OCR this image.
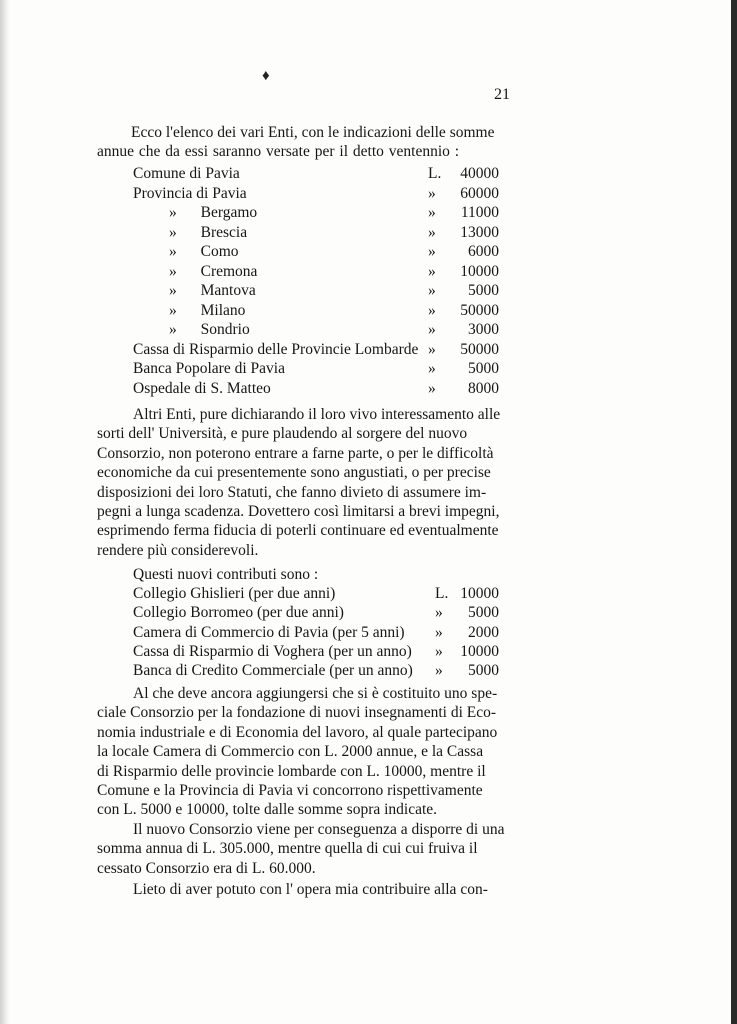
♦
21
Ecco l'elenco dei vari Enti, con le indicazioni delle somme
annue che da essi saranno versate per il detto ventennio :
Comune di Pavia	L. 40000
Provincia di Pavia	» 60000
» Bergamo	» 11000
» Brescia	» 13000
» Como	» 6000
» Cremona	» 10000
» Mantova	» 5000
» Milano	» 50000
» Sondrio	» 3000
Cassa di Risparmio delle Provincie Lombarde » 50000
Banca Popolare di Pavia	» 5000
Ospedale di S. Matteo	» 8000
Altri Enti, pure dichiarando il loro vivo interessamento alle
sorti dell' Università, e pure plaudendo al sorgere del nuovo
Consorzio, non poterono entrare a farne parte, o per le difficoltà
economiche da cui presentemente sono angustiati, o per precise
disposizioni dei loro Statuti, che fanno divieto di assumere im-
pegni a lunga scadenza. Dovettero così limitarsi a brevi impegni,
esprimendo ferma fiducia di poterli continuare ed eventualmente
rendere più considerevoli.
Questi nuovi contributi sono :
Collegio Ghislieri (per due anni)	L. 10000
Collegio Borromeo (per due anni)	» 5000
Camera di Commercio di Pavia (per 5 anni) » 2000
Cassa di Risparmio di Voghera (per un anno) » 10000
Banca di Credito Commerciale (per un anno) » 5000
Al che deve ancora aggiungersi che si è costituito uno spe-
ciale Consorzio per la fondazione di nuovi insegnamenti di Eco-
nomia industriale e di Economia del lavoro, al quale partecipano
la locale Camera di Commercio con L. 2000 annue, e la Cassa
di Risparmio delle provincie lombarde con L. 10000, mentre il
Comune e la Provincia di Pavia vi concorrono rispettivamente
con L. 5000 e 10000, tolte dalle somme sopra indicate.
Il nuovo Consorzio viene per conseguenza a disporre di una
somma annua di L. 305.000, mentre quella di cui cui fruiva il
cessato Consorzio era di L. 60.000.
Lieto di aver potuto con l' opera mia contribuire alla con-
